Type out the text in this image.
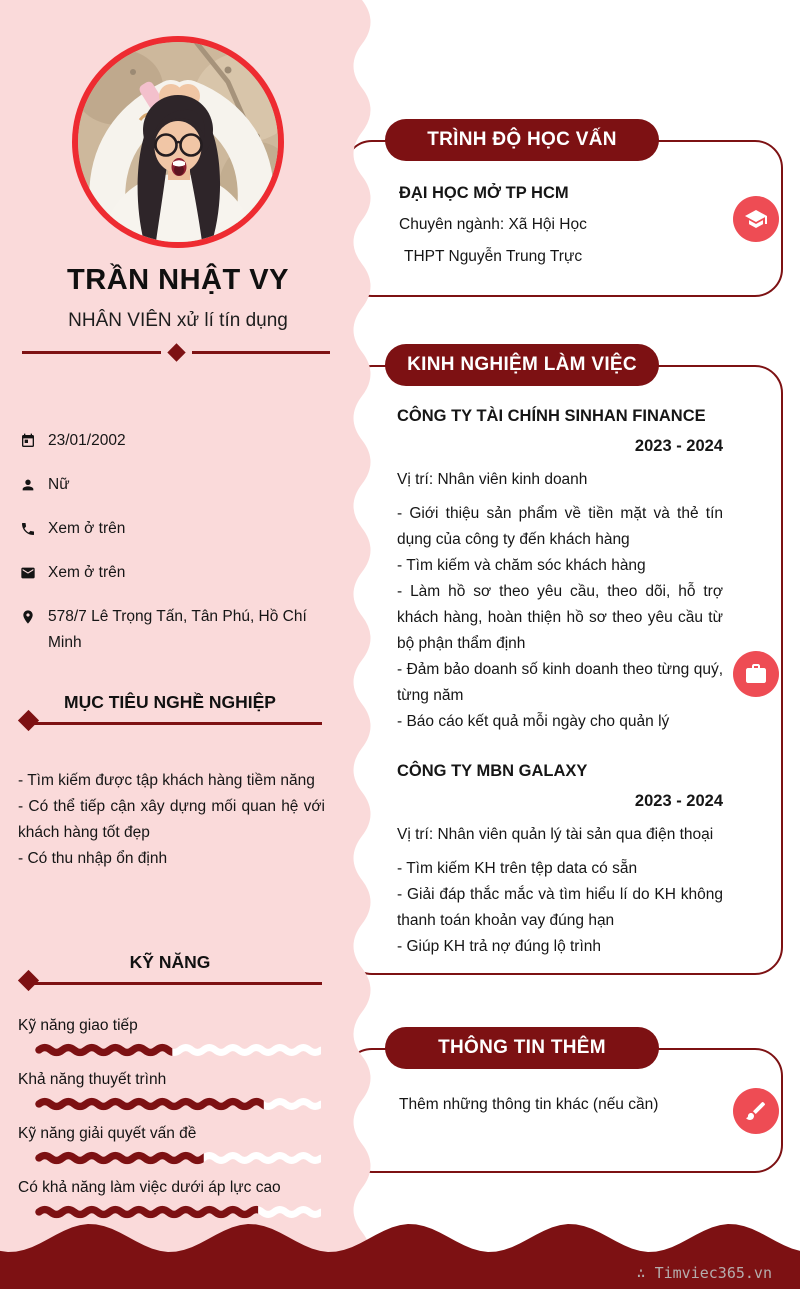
TRẦN NHẬT VY
NHÂN VIÊN xử lí tín dụng
23/01/2002
Nữ
Xem ở trên
Xem ở trên
578/7 Lê Trọng Tấn, Tân Phú, Hồ Chí Minh
MỤC TIÊU NGHỀ NGHIỆP

- Tìm kiếm được tập khách hàng tiềm năng

- Có thể tiếp cận xây dựng mối quan hệ với khách hàng tốt đẹp

- Có thu nhập ổn định

KỸ NĂNG
Kỹ năng giao tiếp
Khả năng thuyết trình
Kỹ năng giải quyết vấn đề
Có khả năng làm việc dưới áp lực cao
TRÌNH ĐỘ HỌC VẤN

ĐẠI HỌC MỞ TP HCM

Chuyên ngành: Xã Hội Học

THPT Nguyễn Trung Trực

KINH NGHIỆM LÀM VIỆC

CÔNG TY TÀI CHÍNH SINHAN FINANCE

2023 - 2024

Vị trí: Nhân viên kinh doanh

- Giới thiệu sản phẩm về tiền mặt và thẻ tín dụng của công ty đến khách hàng

- Tìm kiếm và chăm sóc khách hàng

- Làm hồ sơ theo yêu cầu, theo dõi, hỗ trợ khách hàng, hoàn thiện hồ sơ theo yêu cầu từ bộ phận thẩm định

- Đảm bảo doanh số kinh doanh theo từng quý, từng năm

- Báo cáo kết quả mỗi ngày cho quản lý

CÔNG TY MBN GALAXY

2023 - 2024

Vị trí: Nhân viên quản lý tài sản qua điện thoại

- Tìm kiếm KH trên tệp data có sẵn

- Giải đáp thắc mắc và tìm hiểu lí do KH không thanh toán khoản vay đúng hạn

- Giúp KH trả nợ đúng lộ trình

THÔNG TIN THÊM

Thêm những thông tin khác (nếu cần)

∴ Timviec365.vn
